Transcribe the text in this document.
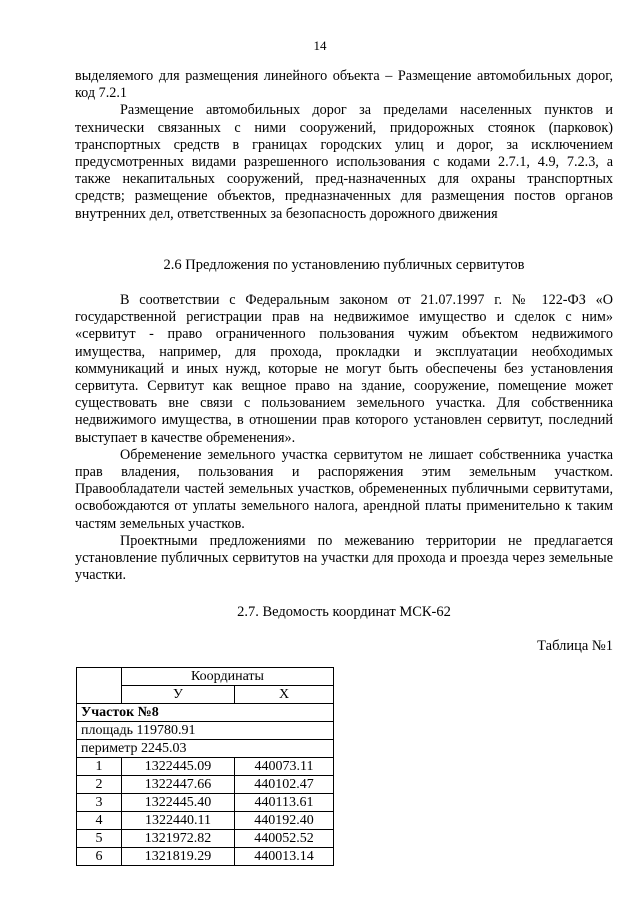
14

выделяемого для размещения линейного объекта – Размещение автомобильных дорог, код 7.2.1

Размещение автомобильных дорог за пределами населенных пунктов и технически связанных с ними сооружений, придорожных стоянок (парковок) транспортных средств в границах городских улиц и дорог, за исключением предусмотренных видами разрешенного использования с кодами 2.7.1, 4.9, 7.2.3, а также некапитальных сооружений, пред-назначенных для охраны транспортных средств; размещение объектов, предназначенных для размещения постов органов внутренних дел, ответственных за безопасность дорожного движения

2.6 Предложения по установлению публичных сервитутов

В соответствии с Федеральным законом от 21.07.1997 г. № 122-ФЗ «О государственной регистрации прав на недвижимое имущество и сделок с ним» «сервитут - право ограниченного пользования чужим объектом недвижимого имущества, например, для прохода, прокладки и эксплуатации необходимых коммуникаций и иных нужд, которые не могут быть обеспечены без установления сервитута. Сервитут как вещное право на здание, сооружение, помещение может существовать вне связи с пользованием земельного участка. Для собственника недвижимого имущества, в отношении прав которого установлен сервитут, последний выступает в качестве обременения».

Обременение земельного участка сервитутом не лишает собственника участка прав владения, пользования и распоряжения этим земельным участком. Правообладатели частей земельных участков, обремененных публичными сервитутами, освобождаются от уплаты земельного налога, арендной платы применительно к таким частям земельных участков.

Проектными предложениями по межеванию территории не предлагается установление публичных сервитутов на участки для прохода и проезда через земельные участки.

2.7. Ведомость координат МСК-62
Таблица №1
	Координаты	
	У	Х
Участок №8		
площадь 119780.91		
периметр 2245.03		
1	1322445.09	440073.11
2	1322447.66	440102.47
3	1322445.40	440113.61
4	1322440.11	440192.40
5	1321972.82	440052.52
6	1321819.29	440013.14
